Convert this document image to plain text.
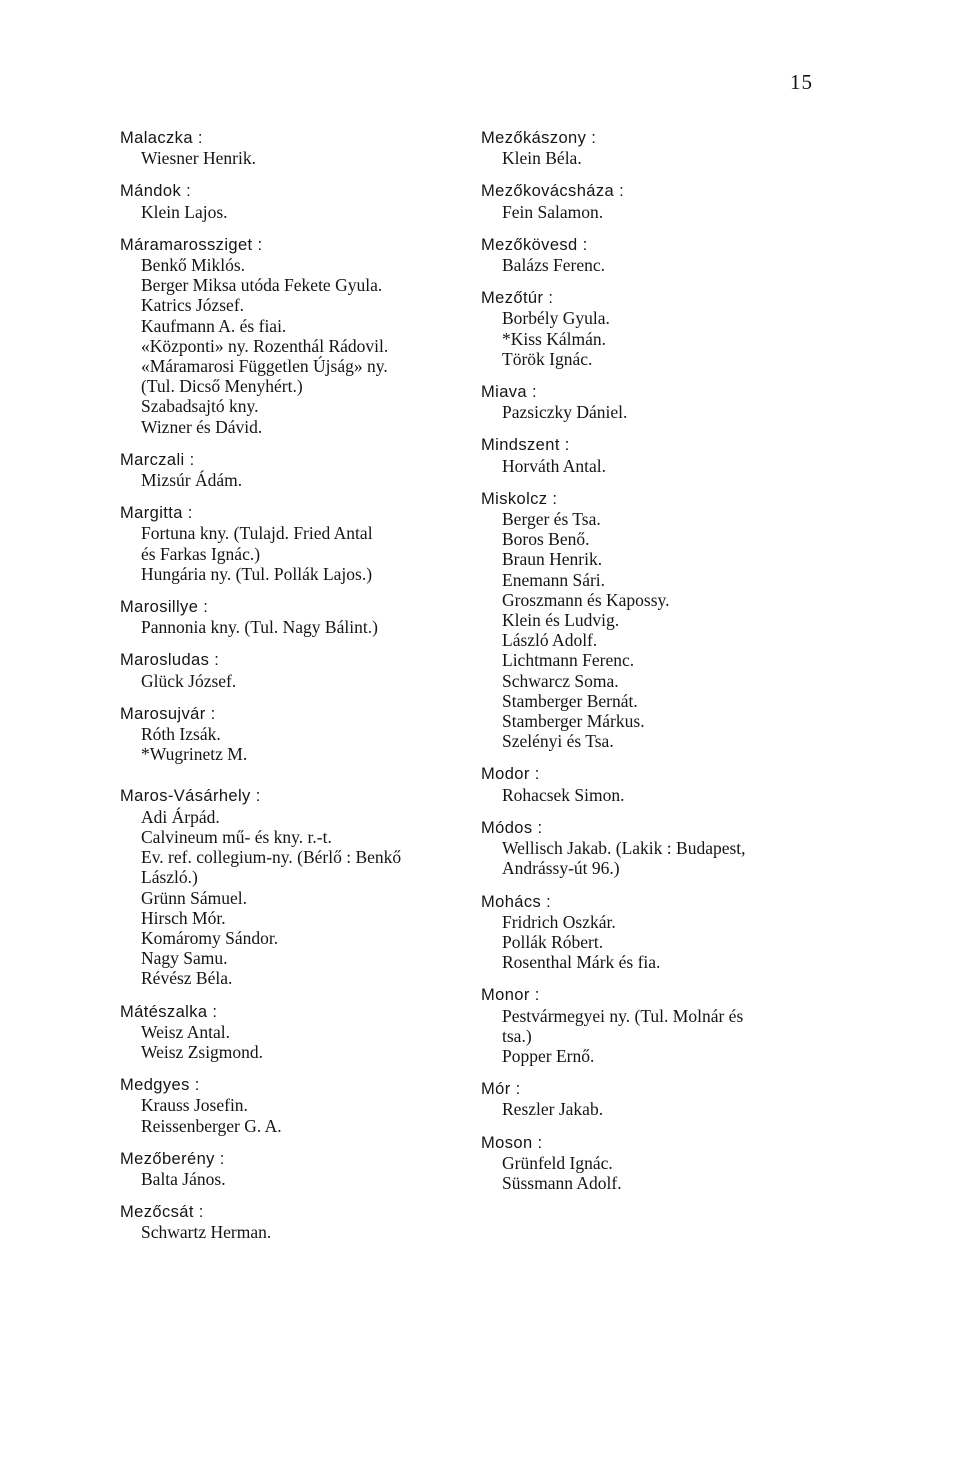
15
Malaczka :
Wiesner Henrik.
Mándok :
Klein Lajos.
Máramarossziget :
Benkő Miklós.
Berger Miksa utóda Fekete Gyula.
Katrics József.
Kaufmann A. és fiai.
«Központi» ny. Rozenthál Rádovil.
«Máramarosi Független Újság» ny.
(Tul. Dicső Menyhért.)
Szabadsajtó kny.
Wizner és Dávid.
Marczali :
Mizsúr Ádám.
Margitta :
Fortuna kny. (Tulajd. Fried Antal
és Farkas Ignác.)
Hungária ny. (Tul. Pollák Lajos.)
Marosillye :
Pannonia kny. (Tul. Nagy Bálint.)
Marosludas :
Glück József.
Marosujvár :
Róth Izsák.
*Wugrinetz M.
Maros-Vásárhely :
Adi Árpád.
Calvineum mű- és kny. r.-t.
Ev. ref. collegium-ny. (Bérlő : Benkő
László.)
Grünn Sámuel.
Hirsch Mór.
Komáromy Sándor.
Nagy Samu.
Révész Béla.
Mátészalka :
Weisz Antal.
Weisz Zsigmond.
Medgyes :
Krauss Josefin.
Reissenberger G. A.
Mezőberény :
Balta János.
Mezőcsát :
Schwartz Herman.
Mezőkászony :
Klein Béla.
Mezőkovácsháza :
Fein Salamon.
Mezőkövesd :
Balázs Ferenc.
Mezőtúr :
Borbély Gyula.
*Kiss Kálmán.
Török Ignác.
Miava :
Pazsiczky Dániel.
Mindszent :
Horváth Antal.
Miskolcz :
Berger és Tsa.
Boros Benő.
Braun Henrik.
Enemann Sári.
Groszmann és Kapossy.
Klein és Ludvig.
László Adolf.
Lichtmann Ferenc.
Schwarcz Soma.
Stamberger Bernát.
Stamberger Márkus.
Szelényi és Tsa.
Modor :
Rohacsek Simon.
Módos :
Wellisch Jakab. (Lakik : Budapest,
Andrássy-út 96.)
Mohács :
Fridrich Oszkár.
Pollák Róbert.
Rosenthal Márk és fia.
Monor :
Pestvármegyei ny. (Tul. Molnár és
tsa.)
Popper Ernő.
Mór :
Reszler Jakab.
Moson :
Grünfeld Ignác.
Süssmann Adolf.
